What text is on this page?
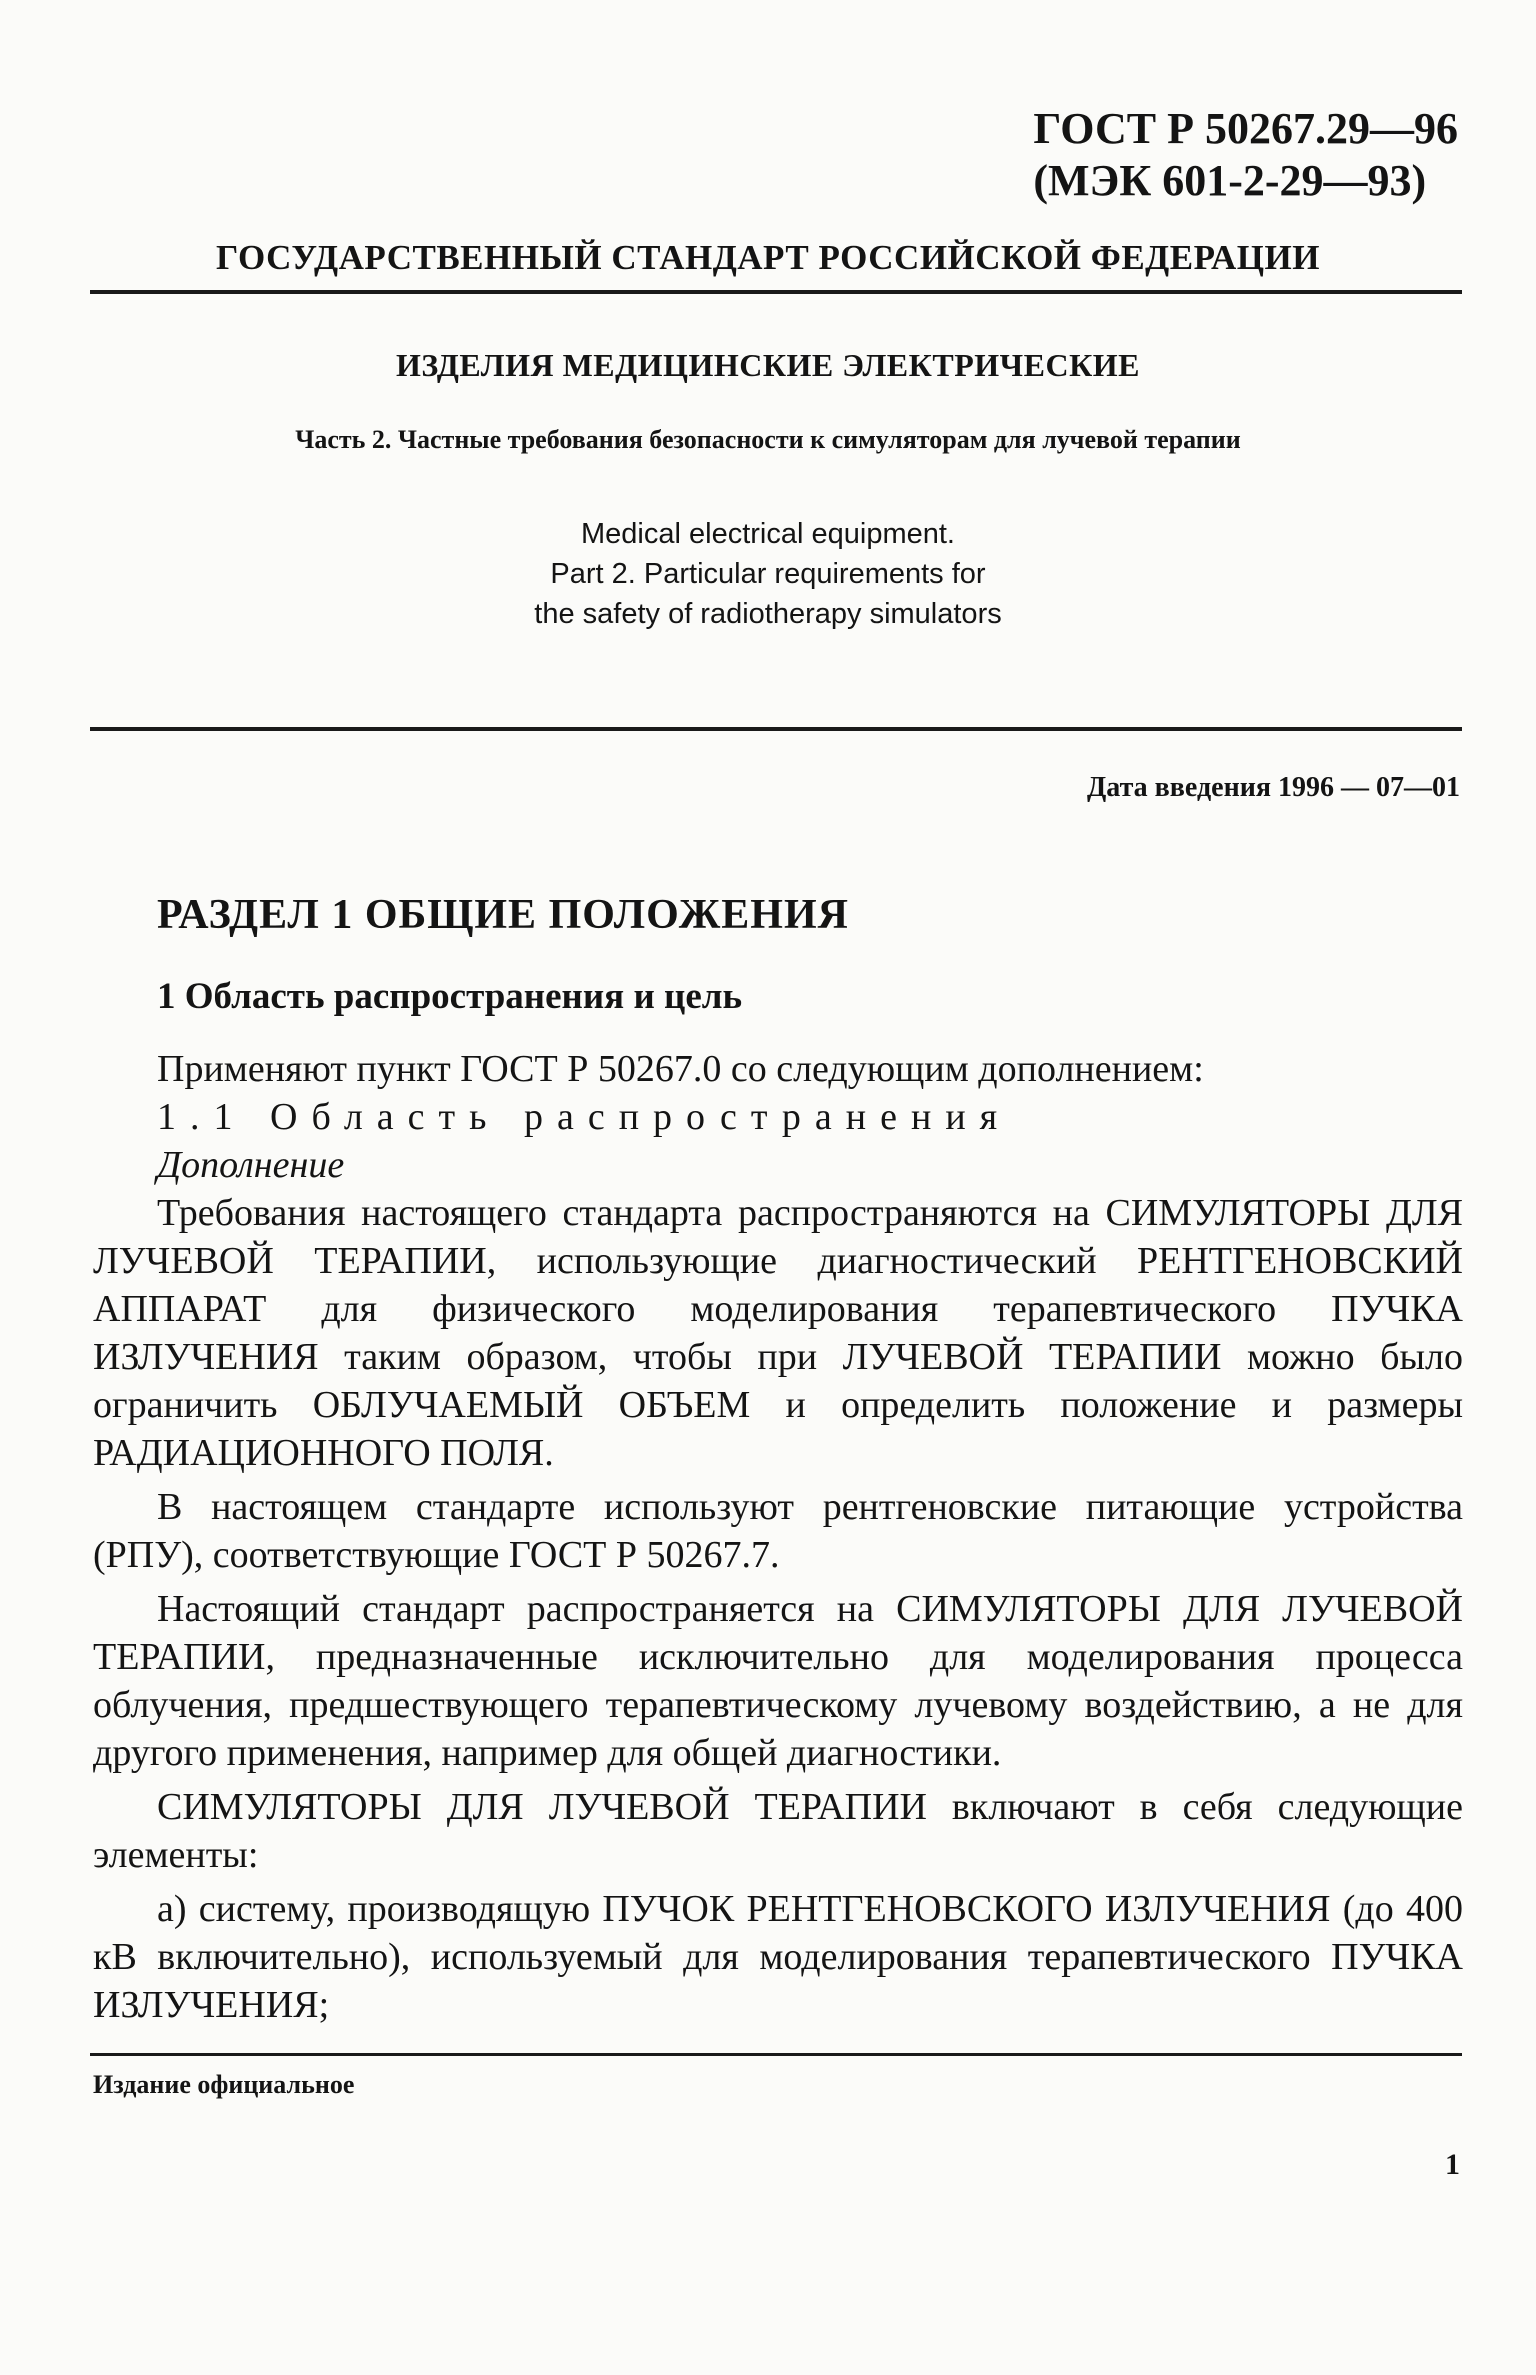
ГОСТ Р 50267.29—96
(МЭК 601-2-29—93)
ГОСУДАРСТВЕННЫЙ СТАНДАРТ РОССИЙСКОЙ ФЕДЕРАЦИИ
ИЗДЕЛИЯ МЕДИЦИНСКИЕ ЭЛЕКТРИЧЕСКИЕ
Часть 2. Частные требования безопасности к симуляторам для лучевой терапии
Medical electrical equipment.
Part 2. Particular requirements for
the safety of radiotherapy simulators
Дата введения 1996 — 07—01
РАЗДЕЛ 1 ОБЩИЕ ПОЛОЖЕНИЯ
1 Область распространения и цель

Применяют пункт ГОСТ Р 50267.0 со следующим дополнением:

1.1 Область распространения

Дополнение

Требования настоящего стандарта распространяются на СИМУЛЯТОРЫ ДЛЯ ЛУЧЕВОЙ ТЕРАПИИ, использующие диагностический РЕНТГЕНОВСКИЙ АППАРАТ для физического моделирования терапевтического ПУЧКА ИЗЛУЧЕНИЯ таким образом, чтобы при ЛУЧЕВОЙ ТЕРАПИИ можно было ограничить ОБЛУЧАЕМЫЙ ОБЪЕМ и определить положение и размеры РАДИАЦИОННОГО ПОЛЯ.

В настоящем стандарте используют рентгеновские питающие устройства (РПУ), соответствующие ГОСТ Р 50267.7.

Настоящий стандарт распространяется на СИМУЛЯТОРЫ ДЛЯ ЛУЧЕВОЙ ТЕРАПИИ, предназначенные исключительно для моделирования процесса облучения, предшествующего терапевтическому лучевому воздействию, а не для другого применения, например для общей диагностики.

СИМУЛЯТОРЫ ДЛЯ ЛУЧЕВОЙ ТЕРАПИИ включают в себя следующие элементы:

а) систему, производящую ПУЧОК РЕНТГЕНОВСКОГО ИЗЛУЧЕНИЯ (до 400 кВ включительно), используемый для моделирования терапевтического ПУЧКА ИЗЛУЧЕНИЯ;

Издание официальное
1
